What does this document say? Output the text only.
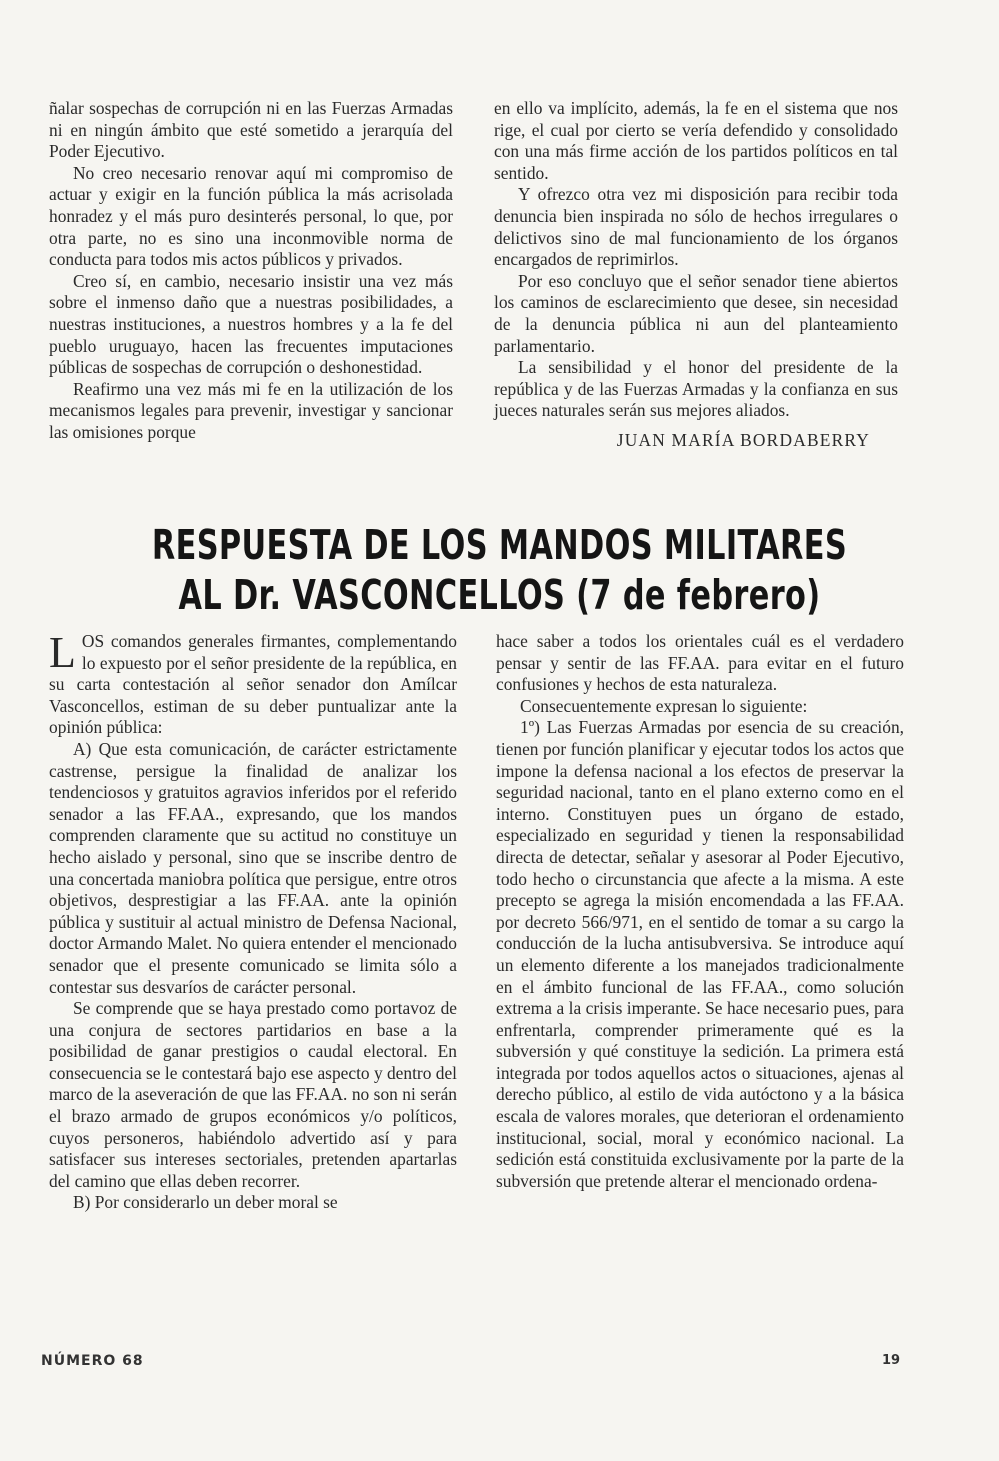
ñalar sospechas de corrupción ni en las Fuerzas Armadas ni en ningún ámbito que esté sometido a jerarquía del Poder Ejecutivo.

No creo necesario renovar aquí mi compromiso de actuar y exigir en la función pública la más acrisolada honradez y el más puro desinterés personal, lo que, por otra parte, no es sino una inconmovible norma de conducta para todos mis actos públicos y privados.

Creo sí, en cambio, necesario insistir una vez más sobre el inmenso daño que a nuestras posibilidades, a nuestras instituciones, a nuestros hombres y a la fe del pueblo uruguayo, hacen las frecuentes imputaciones públicas de sospechas de corrupción o deshonestidad.

Reafirmo una vez más mi fe en la utilización de los mecanismos legales para prevenir, investigar y sancionar las omisiones porque

en ello va implícito, además, la fe en el sistema que nos rige, el cual por cierto se vería defendido y consolidado con una más firme acción de los partidos políticos en tal sentido.

Y ofrezco otra vez mi disposición para recibir toda denuncia bien inspirada no sólo de hechos irregulares o delictivos sino de mal funcionamiento de los órganos encargados de reprimirlos.

Por eso concluyo que el señor senador tiene abiertos los caminos de esclarecimiento que desee, sin necesidad de la denuncia pública ni aun del planteamiento parlamentario.

La sensibilidad y el honor del presidente de la república y de las Fuerzas Armadas y la confianza en sus jueces naturales serán sus mejores aliados.

JUAN MARÍA BORDABERRY

RESPUESTA DE LOS MANDOS MILITARES
AL Dr. VASCONCELLOS (7 de febrero)

LOS comandos generales firmantes, complementando lo expuesto por el señor presidente de la república, en su carta contestación al señor senador don Amílcar Vasconcellos, estiman de su deber puntualizar ante la opinión pública:

A) Que esta comunicación, de carácter estrictamente castrense, persigue la finalidad de analizar los tendenciosos y gratuitos agravios inferidos por el referido senador a las FF.AA., expresando, que los mandos comprenden claramente que su actitud no constituye un hecho aislado y personal, sino que se inscribe dentro de una concertada maniobra política que persigue, entre otros objetivos, desprestigiar a las FF.AA. ante la opinión pública y sustituir al actual ministro de Defensa Nacional, doctor Armando Malet. No quiera entender el mencionado senador que el presente comunicado se limita sólo a contestar sus desvaríos de carácter personal.

Se comprende que se haya prestado como portavoz de una conjura de sectores partidarios en base a la posibilidad de ganar prestigios o caudal electoral. En consecuencia se le contestará bajo ese aspecto y dentro del marco de la aseveración de que las FF.AA. no son ni serán el brazo armado de grupos económicos y/o políticos, cuyos personeros, habiéndolo advertido así y para satisfacer sus intereses sectoriales, pretenden apartarlas del camino que ellas deben recorrer.

B) Por considerarlo un deber moral se

hace saber a todos los orientales cuál es el verdadero pensar y sentir de las FF.AA. para evitar en el futuro confusiones y hechos de esta naturaleza.

Consecuentemente expresan lo siguiente:

1º) Las Fuerzas Armadas por esencia de su creación, tienen por función planificar y ejecutar todos los actos que impone la defensa nacional a los efectos de preservar la seguridad nacional, tanto en el plano externo como en el interno. Constituyen pues un órgano de estado, especializado en seguridad y tienen la responsabilidad directa de detectar, señalar y asesorar al Poder Ejecutivo, todo hecho o circunstancia que afecte a la misma. A este precepto se agrega la misión encomendada a las FF.AA. por decreto 566/971, en el sentido de tomar a su cargo la conducción de la lucha antisubversiva. Se introduce aquí un elemento diferente a los manejados tradicionalmente en el ámbito funcional de las FF.AA., como solución extrema a la crisis imperante. Se hace necesario pues, para enfrentarla, comprender primeramente qué es la subversión y qué constituye la sedición. La primera está integrada por todos aquellos actos o situaciones, ajenas al derecho público, al estilo de vida autóctono y a la básica escala de valores morales, que deterioran el ordenamiento institucional, social, moral y económico nacional. La sedición está constituida exclusivamente por la parte de la subversión que pretende alterar el mencionado ordena-

NÚMERO 68	19
